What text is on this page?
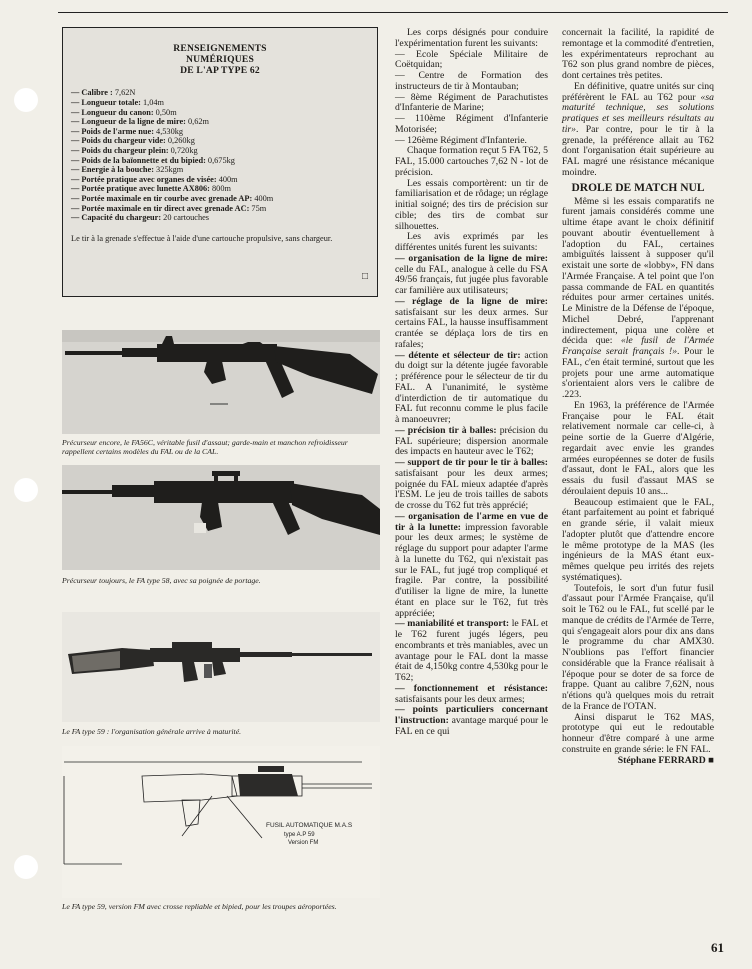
RENSEIGNEMENTS
NUMÉRIQUES
DE L'AP TYPE 62
— Calibre : 7,62N
— Longueur totale: 1,04m
— Longueur du canon: 0,50m
— Longueur de la ligne de mire: 0,62m
— Poids de l'arme nue: 4,530kg
— Poids du chargeur vide: 0,260kg
— Poids du chargeur plein: 0,720kg
— Poids de la baïonnette et du bipied: 0,675kg
— Energie à la bouche: 325kgm
— Portée pratique avec organes de visée: 400m
— Portée pratique avec lunette AX806: 800m
— Portée maximale en tir courbe avec grenade AP: 400m
— Portée maximale en tir direct avec grenade AC: 75m
— Capacité du chargeur: 20 cartouches

Le tir à la grenade s'effectue à l'aide d'une cartouche propulsive, sans chargeur.

□
Précurseur encore, le FA56C, véritable fusil d'assaut; garde-main et manchon refroidisseur rappellent certains modèles du FAL ou de la CAL.
Précurseur toujours, le FA type 58, avec sa poignée de portage.
Le FA type 59 : l'organisation générale arrive à maturité.
FUSIL AUTOMATIQUE M.A.S
type A.P 59
Version FM
Le FA type 59, version FM avec crosse repliable et bipied, pour les troupes aéroportées.

Les corps désignés pour conduire l'expérimentation furent les suivants:

— Ecole Spéciale Militaire de Coëtquidan;

— Centre de Formation des instructeurs de tir à Montauban;

— 8ème Régiment de Parachutistes d'Infanterie de Marine;

— 110ème Régiment d'Infanterie Motorisée;

— 126ème Régiment d'Infanterie.

Chaque formation reçut 5 FA T62, 5 FAL, 15.000 cartouches 7,62 N - lot de précision.

Les essais comportèrent: un tir de familiarisation et de rôdage; un réglage initial soigné; des tirs de précision sur cible; des tirs de combat sur silhouettes.

Les avis exprimés par les différentes unités furent les suivants:

— organisation de la ligne de mire: celle du FAL, analogue à celle du FSA 49/56 français, fut jugée plus favorable car familière aux utilisateurs;

— réglage de la ligne de mire: satisfaisant sur les deux armes. Sur certains FAL, la hausse insuffisamment crantée se déplaça lors de tirs en rafales;

— détente et sélecteur de tir: action du doigt sur la détente jugée favorable ; préférence pour le sélecteur de tir du FAL. A l'unanimité, le système d'interdiction de tir automatique du FAL fut reconnu comme le plus facile à manoeuvrer;

— précision tir à balles: précision du FAL supérieure; dispersion anormale des impacts en hauteur avec le T62;

— support de tir pour le tir à balles: satisfaisant pour les deux armes; poignée du FAL mieux adaptée d'après l'ESM. Le jeu de trois tailles de sabots de crosse du T62 fut très apprécié;

— organisation de l'arme en vue de tir à la lunette: impression favorable pour les deux armes; le système de réglage du support pour adapter l'arme à la lunette du T62, qui n'existait pas sur le FAL, fut jugé trop compliqué et fragile. Par contre, la possibilité d'utiliser la ligne de mire, la lunette étant en place sur le T62, fut très appréciée;

— maniabilité et transport: le FAL et le T62 furent jugés légers, peu encombrants et très maniables, avec un avantage pour le FAL dont la masse était de 4,150kg contre 4,530kg pour le T62;

— fonctionnement et résistance: satisfaisants pour les deux armes;

— points particuliers concernant l'instruction: avantage marqué pour le FAL en ce qui

concernait la facilité, la rapidité de remontage et la commodité d'entretien, les expérimentateurs reprochant au T62 son plus grand nombre de pièces, dont certaines très petites.

En définitive, quatre unités sur cinq préférèrent le FAL au T62 pour «sa maturité technique, ses solutions pratiques et ses meilleurs résultats au tir». Par contre, pour le tir à la grenade, la préférence allait au T62 dont l'organisation était supérieure au FAL magré une résistance mécanique moindre.

DROLE DE MATCH NUL

Même si les essais comparatifs ne furent jamais considérés comme une ultime étape avant le choix définitif pouvant aboutir éventuellement à l'adoption du FAL, certaines ambiguïtés laissent à supposer qu'il existait une sorte de «lobby», FN dans l'Armée Française. A tel point que l'on passa commande de FAL en quantités réduites pour armer certaines unités. Le Ministre de la Défense de l'époque, Michel Debré, l'apprenant indirectement, piqua une colère et décida que: «le fusil de l'Armée Française serait français !». Pour le FAL, c'en était terminé, surtout que les projets pour une arme automatique s'orientaient alors vers le calibre de .223.

En 1963, la préférence de l'Armée Française pour le FAL était relativement normale car celle-ci, à peine sortie de la Guerre d'Algérie, regardait avec envie les grandes armées européennes se doter de fusils d'assaut, dont le FAL, alors que les essais du fusil d'assaut MAS se déroulaient depuis 10 ans...

Beaucoup estimaient que le FAL, étant parfaitement au point et fabriqué en grande série, il valait mieux l'adopter plutôt que d'attendre encore le même prototype de la MAS (les ingénieurs de la MAS étant eux-mêmes quelque peu irrités des rejets systématiques).

Toutefois, le sort d'un futur fusil d'assaut pour l'Armée Française, qu'il soit le T62 ou le FAL, fut scellé par le manque de crédits de l'Armée de Terre, qui s'engageait alors pour dix ans dans le programme du char AMX30. N'oublions pas l'effort financier considérable que la France réalisait à l'époque pour se doter de sa force de frappe. Quant au calibre 7,62N, nous n'étions qu'à quelques mois du retrait de la France de l'OTAN.

Ainsi disparut le T62 MAS, prototype qui eut le redoutable honneur d'être comparé à une arme construite en grande série: le FN FAL.

Stéphane FERRARD ■

61
